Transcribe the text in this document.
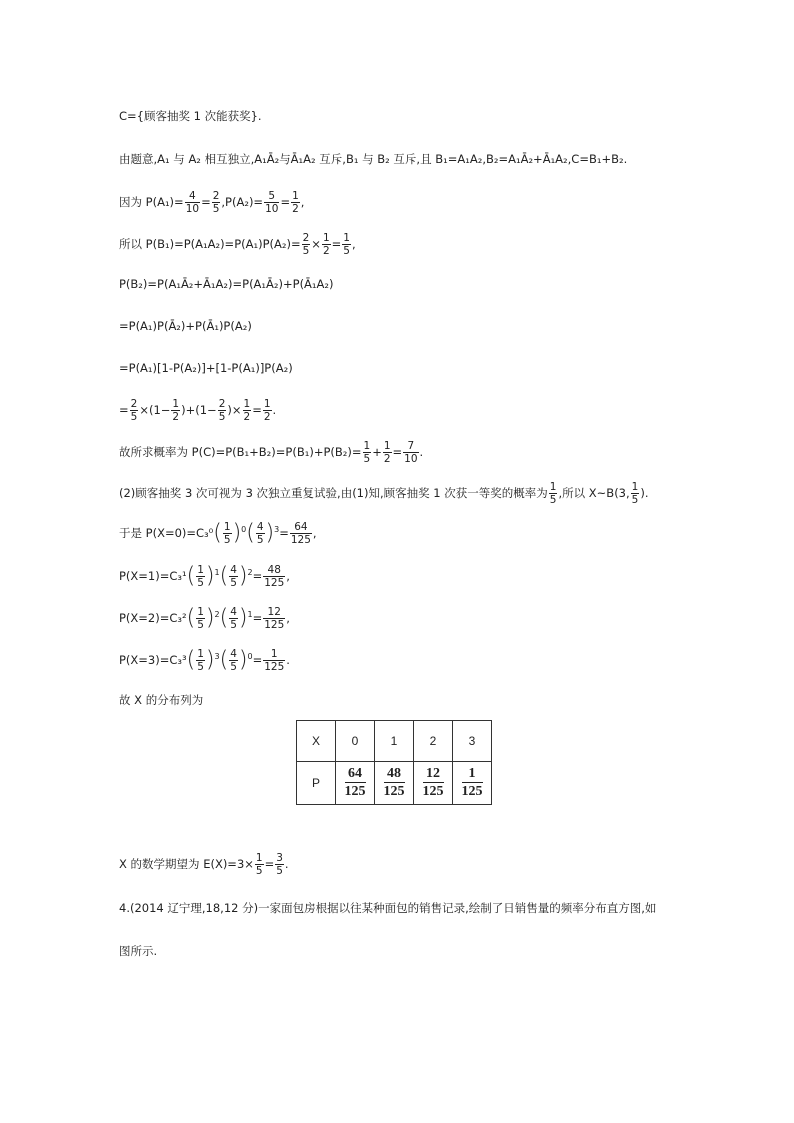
C={顾客抽奖 1 次能获奖}.
由题意,A₁ 与 A₂ 相互独立,A₁Ā₂与Ā₁A₂ 互斥,B₁ 与 B₂ 互斥,且 B₁=A₁A₂,B₂=A₁Ā₂+Ā₁A₂,C=B₁+B₂.
因为 $P(A_1)= \frac{4}{10} = \frac{2}{5} ,P(A_2)= \frac{5}{10} = \frac{1}{2}$ ,
所以 $P(B_1)=P(A_1A_2)=P(A_1)P(A_2)= \frac{2}{5} \times \frac{1}{2} = \frac{1}{5}$ ,
P(B₂)=P(A₁Ā₂+Ā₁A₂)=P(A₁Ā₂)+P(Ā₁A₂)
=P(A₁)P(Ā₂)+P(Ā₁)P(A₂)
=P(A₁)[1-P(A₂)]+[1-P(A₁)]P(A₂)
= $\frac{2}{5} \times(1- \frac{1}{2} )+(1- \frac{2}{5}$ )× $\frac{1}{2} = \frac{1}{2}$ .
故所求概率为 $P(C)=P(B_1+B_2)=P(B_1)+P(B_2)= \frac{1}{5} + \frac{1}{2} = \frac{7}{10}$ .
(2)顾客抽奖 3 次可视为 3 次独立重复试验,由(1)知,顾客抽奖 1 次获一等奖的概率为 $\frac{1}{5}$ ,所以 X~B(3, $\frac{1}{5}$ ).
于是 $P(X=0)=C_3^0( \frac{1}{5} )^0( \frac{4}{5} )^3= \frac{64}{125}$ ,
$P(X=1)=C_3^1( \frac{1}{5} )^1( \frac{4}{5} )^2= \frac{48}{125}$ ,
$P(X=2)=C_3^2( \frac{1}{5} )^2( \frac{4}{5} )^1= \frac{12}{125}$ ,
$P(X=3)=C_3^3( \frac{1}{5} )^3( \frac{4}{5} )^0= \frac{1}{125}$ .
故 X 的分布列为
X	0	1	2	3
P	$\frac{64}{125}$	$\frac{48}{125}$	$\frac{12}{125}$	$\frac{1}{125}$
X 的数学期望为 $E(X)=3\times \frac{1}{5} = \frac{3}{5}$ .
4.(2014 辽宁理,18,12 分)一家面包房根据以往某种面包的销售记录,绘制了日销售量的频率分布直方图,如
图所示.
